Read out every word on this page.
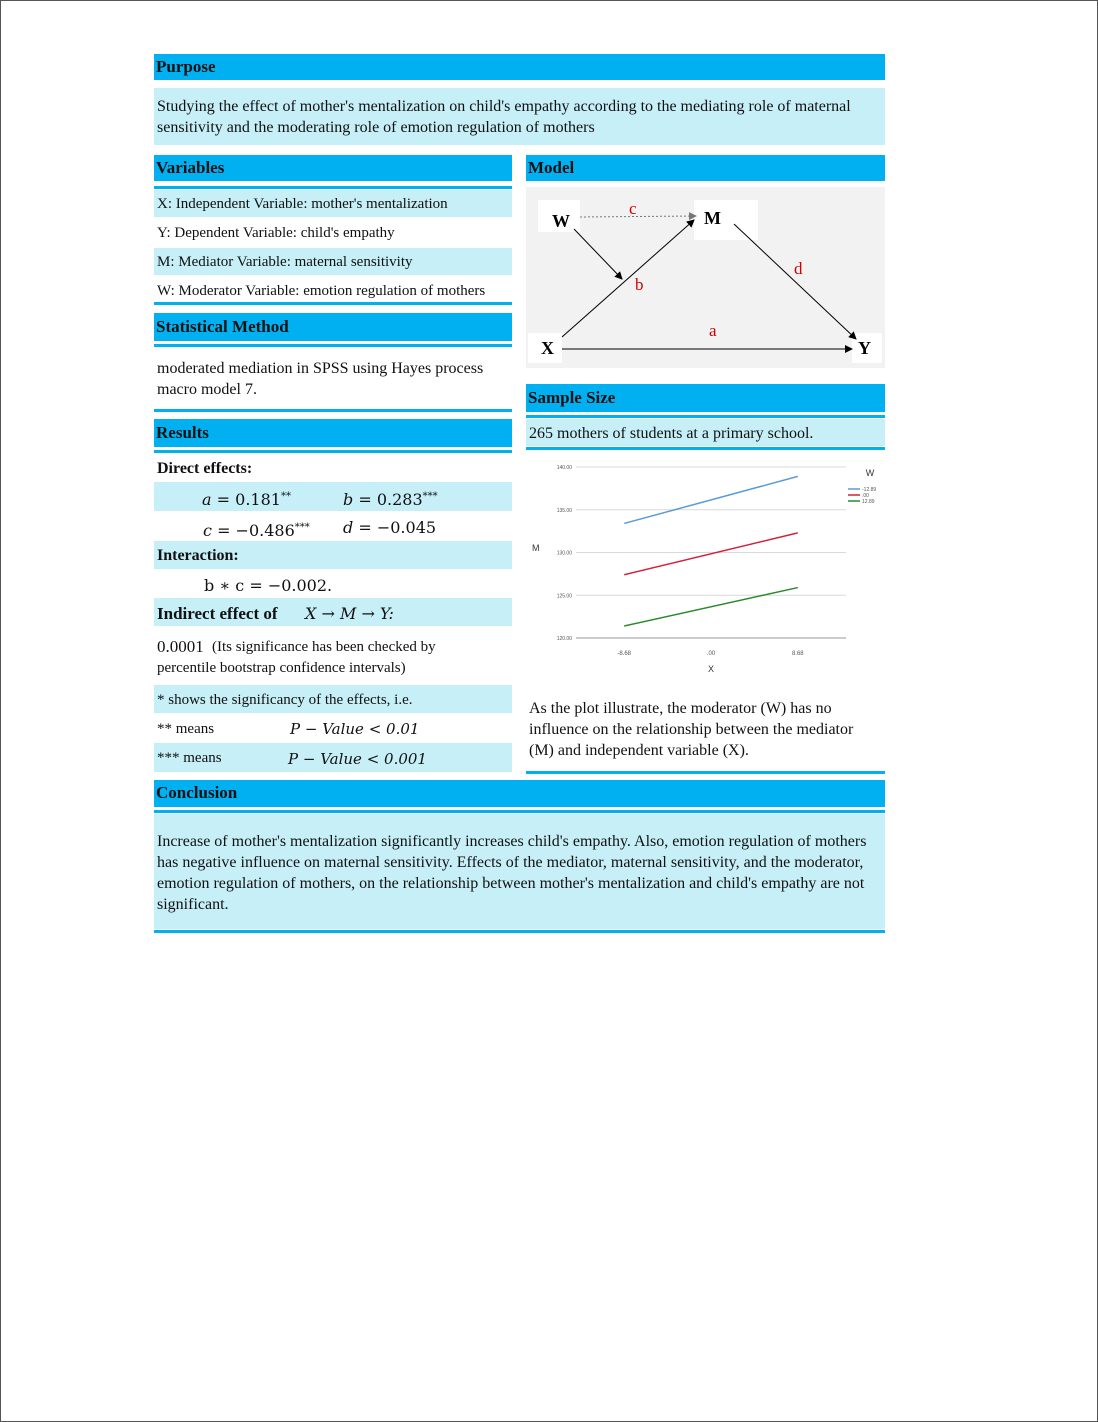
Purpose
Studying the effect of mother's mentalization on child's empathy according to the mediating role of maternal sensitivity and the moderating role of emotion regulation of mothers
Variables
X: Independent Variable: mother's mentalization
Y: Dependent Variable: child's empathy
M: Mediator Variable: maternal sensitivity
W: Moderator Variable: emotion regulation of mothers
Statistical Method
moderated mediation in SPSS using Hayes process macro model 7.
Results
Direct effects:
a = 0.181**	b = 0.283***
c = −0.486*** d = −0.045
Interaction:
b ∗ c = −0.002.
Indirect effect of X → M → Y:
0.0001 (Its significance has been checked by
percentile bootstrap confidence intervals)
* shows the significancy of the effects, i.e.
** means	P − Value < 0.01
*** means	P − Value < 0.001
Model
W	M
X	Y
c
b
d
a
Sample Size
265 mothers of students at a primary school.
120.00
125.00
130.00
135.00
140.00
-8.68	.00	8.68
X
M
W
-12.89
.00
12.89
As the plot illustrate, the moderator (W) has no influence on the relationship between the mediator (M) and independent variable (X).
Conclusion
Increase of mother's mentalization significantly increases child's empathy. Also, emotion regulation of mothers has negative influence on maternal sensitivity. Effects of the mediator, maternal sensitivity, and the moderator, emotion regulation of mothers, on the relationship between mother's mentalization and child's empathy are not significant.
